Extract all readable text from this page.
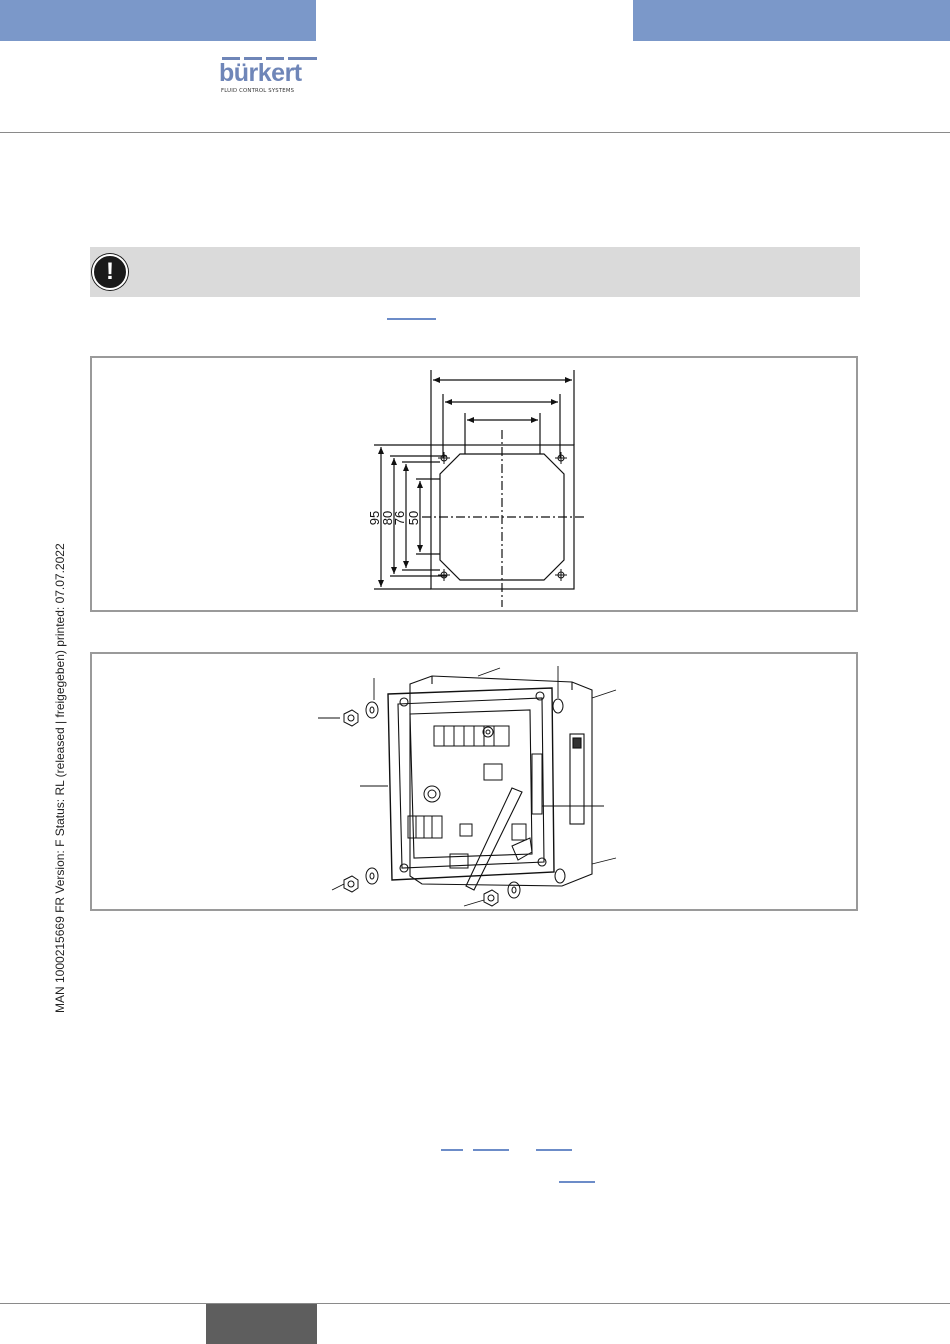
bürkert
FLUID CONTROL SYSTEMS
!
95
80
76 50
MAN 1000215669 FR Version: F Status: RL (released | freigegeben) printed: 07.07.2022
